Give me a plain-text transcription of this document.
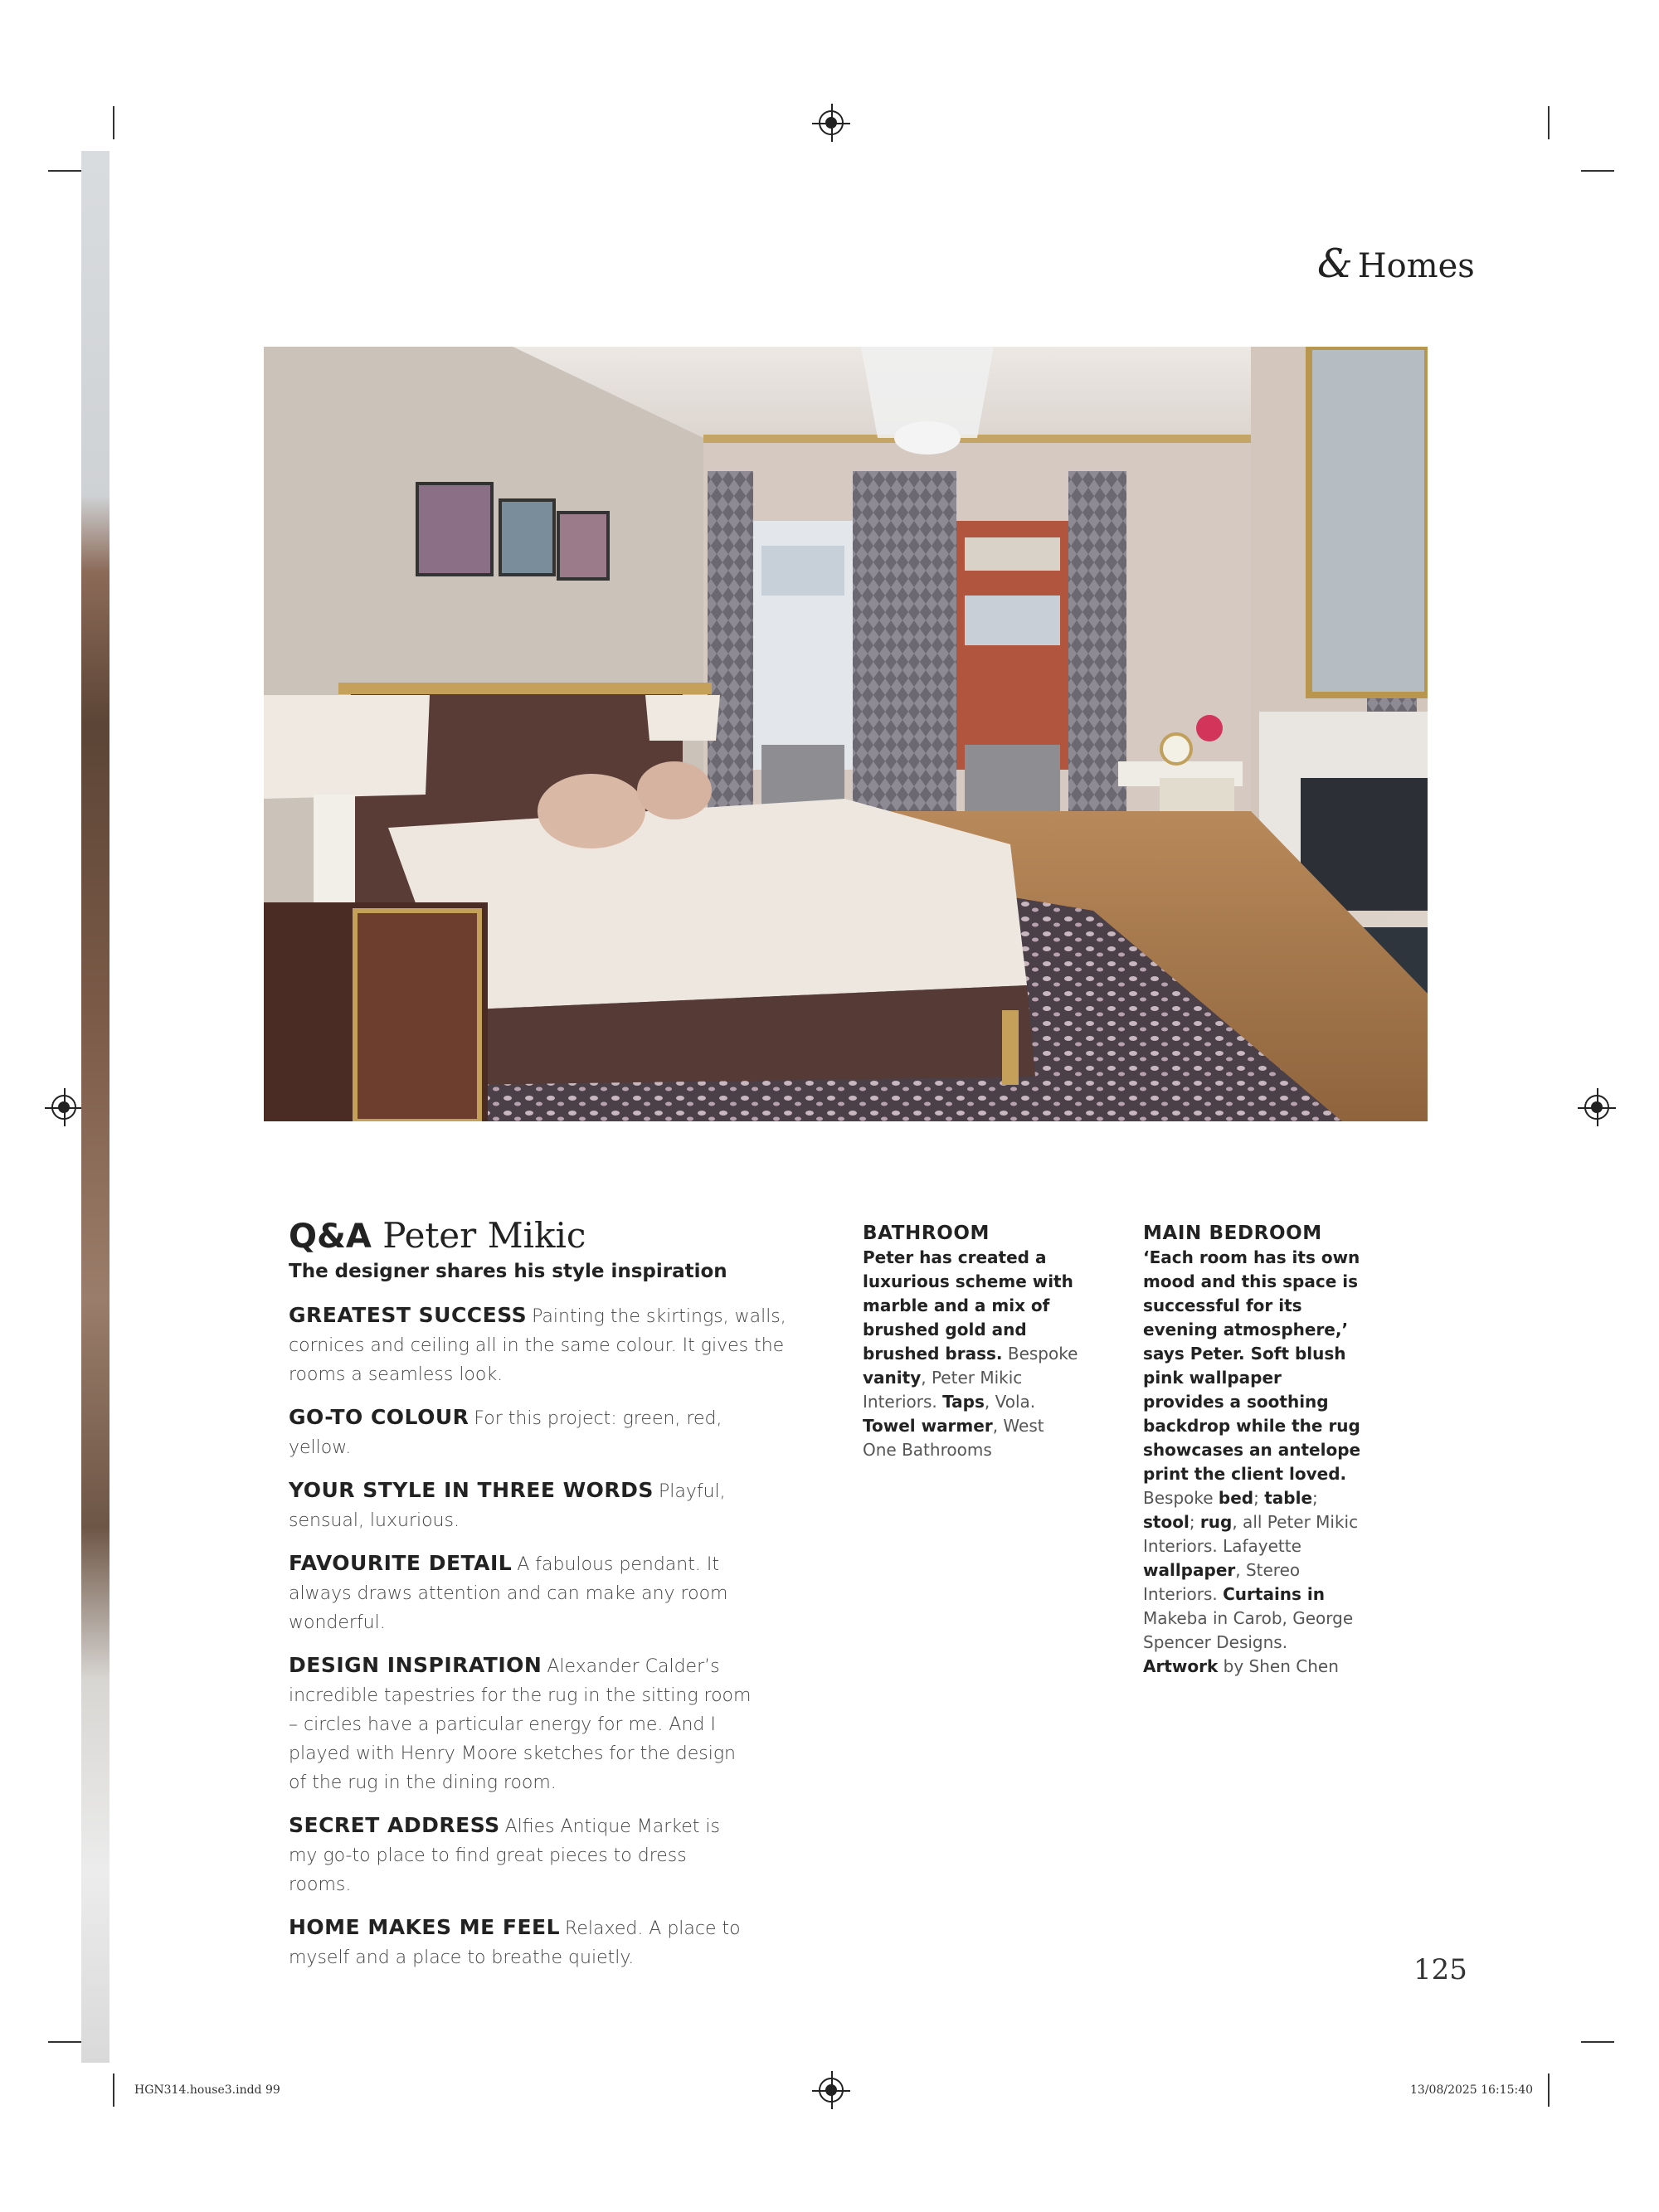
& Homes
Q&A Peter Mikic
The designer shares his style inspiration

GREATEST SUCCESS Painting the skirtings, walls, cornices and ceiling all in the same colour. It gives the rooms a seamless look.

GO-TO COLOUR For this project: green, red, yellow.

YOUR STYLE IN THREE WORDS Playful, sensual, luxurious.

FAVOURITE DETAIL A fabulous pendant. It always draws attention and can make any room wonderful.

DESIGN INSPIRATION Alexander Calder’s incredible tapestries for the rug in the sitting room – circles have a particular energy for me. And I played with Henry Moore sketches for the design of the rug in the dining room.

SECRET ADDRESS Alfies Antique Market is my go-to place to find great pieces to dress rooms.

HOME MAKES ME FEEL Relaxed. A place to myself and a place to breathe quietly.

BATHROOM
Peter has created a luxurious scheme with marble and a mix of brushed gold and brushed brass. Bespoke vanity, Peter Mikic Interiors. Taps, Vola. Towel warmer, West One Bathrooms
MAIN BEDROOM
‘Each room has its own mood and this space is successful for its evening atmosphere,’ says Peter. Soft blush pink wallpaper provides a soothing backdrop while the rug showcases an antelope print the client loved. Bespoke bed; table; stool; rug, all Peter Mikic Interiors. Lafayette wallpaper, Stereo Interiors. Curtains in Makeba in Carob, George Spencer Designs. Artwork by Shen Chen
125
HGN314.house3.indd 99	13/08/2025 16:15:40
